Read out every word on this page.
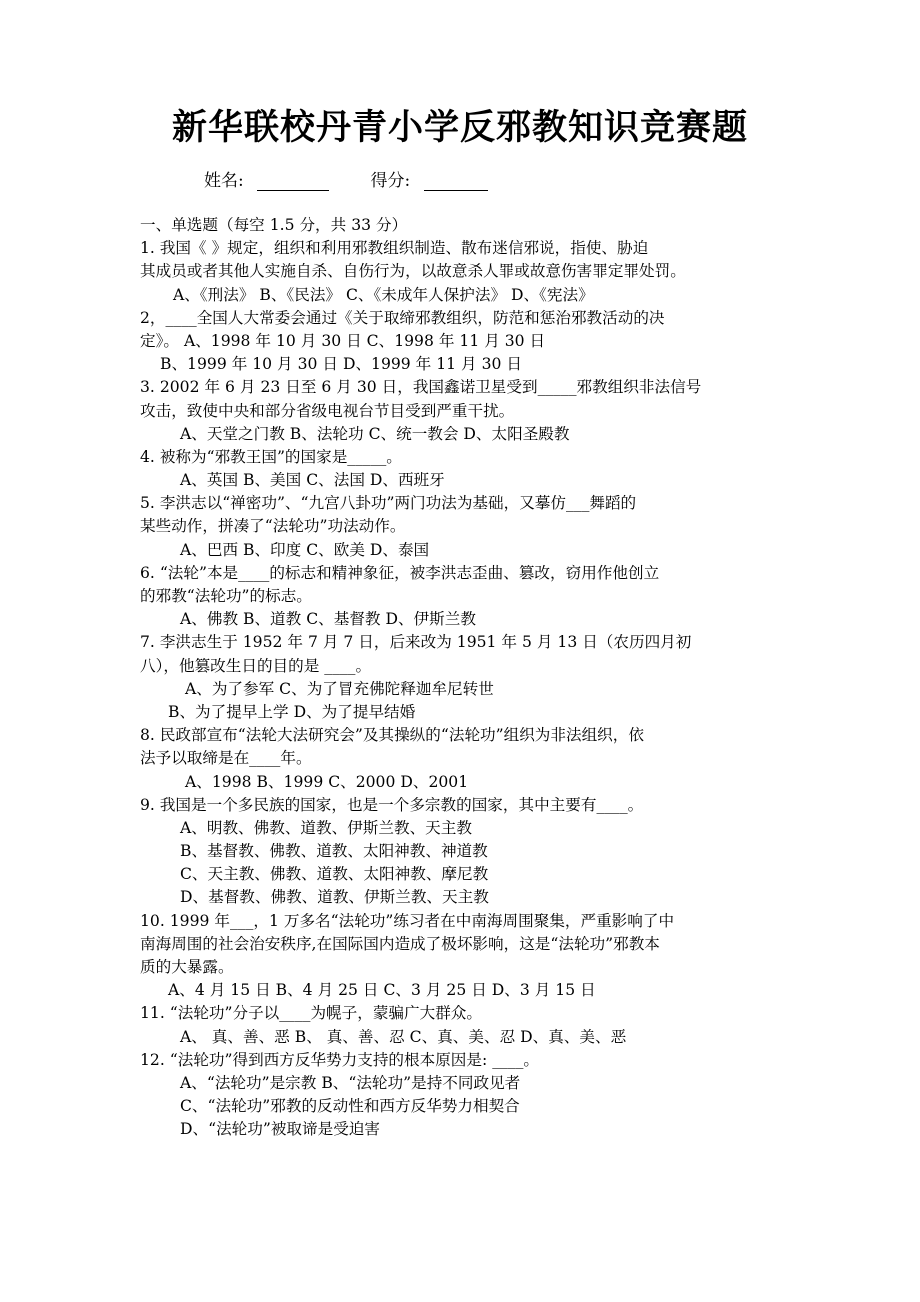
新华联校丹青小学反邪教知识竞赛题
姓名:	得分:
一、单选题（每空 1.5 分，共 33 分）
1. 我国《 》规定，组织和利用邪教组织制造、散布迷信邪说，指使、胁迫
其成员或者其他人实施自杀、自伤行为，以故意杀人罪或故意伤害罪定罪处罚。
A、《刑法》 B、《民法》 C、《未成年人保护法》 D、《宪法》
2，____全国人大常委会通过《关于取缔邪教组织，防范和惩治邪教活动的决
定》。 A、1998 年 10 月 30 日 C、1998 年 11 月 30 日
B、1999 年 10 月 30 日 D、1999 年 11 月 30 日
3. 2002 年 6 月 23 日至 6 月 30 日，我国鑫诺卫星受到_____邪教组织非法信号
攻击，致使中央和部分省级电视台节目受到严重干扰。
A、天堂之门教 B、法轮功 C、统一教会 D、太阳圣殿教
4. 被称为“邪教王国”的国家是_____。
A、英国 B、美国 C、法国 D、西班牙
5. 李洪志以“禅密功”、“九宫八卦功”两门功法为基础，又摹仿___舞蹈的
某些动作，拼凑了“法轮功”功法动作。
A、巴西 B、印度 C、欧美 D、泰国
6. “法轮”本是____的标志和精神象征，被李洪志歪曲、篡改，窃用作他创立
的邪教“法轮功”的标志。
A、佛教 B、道教 C、基督教 D、伊斯兰教
7. 李洪志生于 1952 年 7 月 7 日，后来改为 1951 年 5 月 13 日（农历四月初
八），他篡改生日的目的是 ____。
A、为了参军 C、为了冒充佛陀释迦牟尼转世
B、为了提早上学 D、为了提早结婚
8. 民政部宣布“法轮大法研究会”及其操纵的“法轮功”组织为非法组织，依
法予以取缔是在____年。
A、1998 B、1999 C、2000 D、2001
9. 我国是一个多民族的国家，也是一个多宗教的国家，其中主要有____。
A、明教、佛教、道教、伊斯兰教、天主教
B、基督教、佛教、道教、太阳神教、神道教
C、天主教、佛教、道教、太阳神教、摩尼教
D、基督教、佛教、道教、伊斯兰教、天主教
10. 1999 年___，1 万多名“法轮功”练习者在中南海周围聚集，严重影响了中
南海周围的社会治安秩序,在国际国内造成了极坏影响，这是“法轮功”邪教本
质的大暴露。
A、4 月 15 日 B、4 月 25 日 C、3 月 25 日 D、3 月 15 日
11. “法轮功”分子以____为幌子，蒙骗广大群众。
A、 真、善、恶 B、 真、善、忍 C、真、美、忍 D、真、美、恶
12. “法轮功”得到西方反华势力支持的根本原因是: ____。
A、“法轮功”是宗教 B、“法轮功”是持不同政见者
C、“法轮功”邪教的反动性和西方反华势力相契合
D、“法轮功”被取谛是受迫害
